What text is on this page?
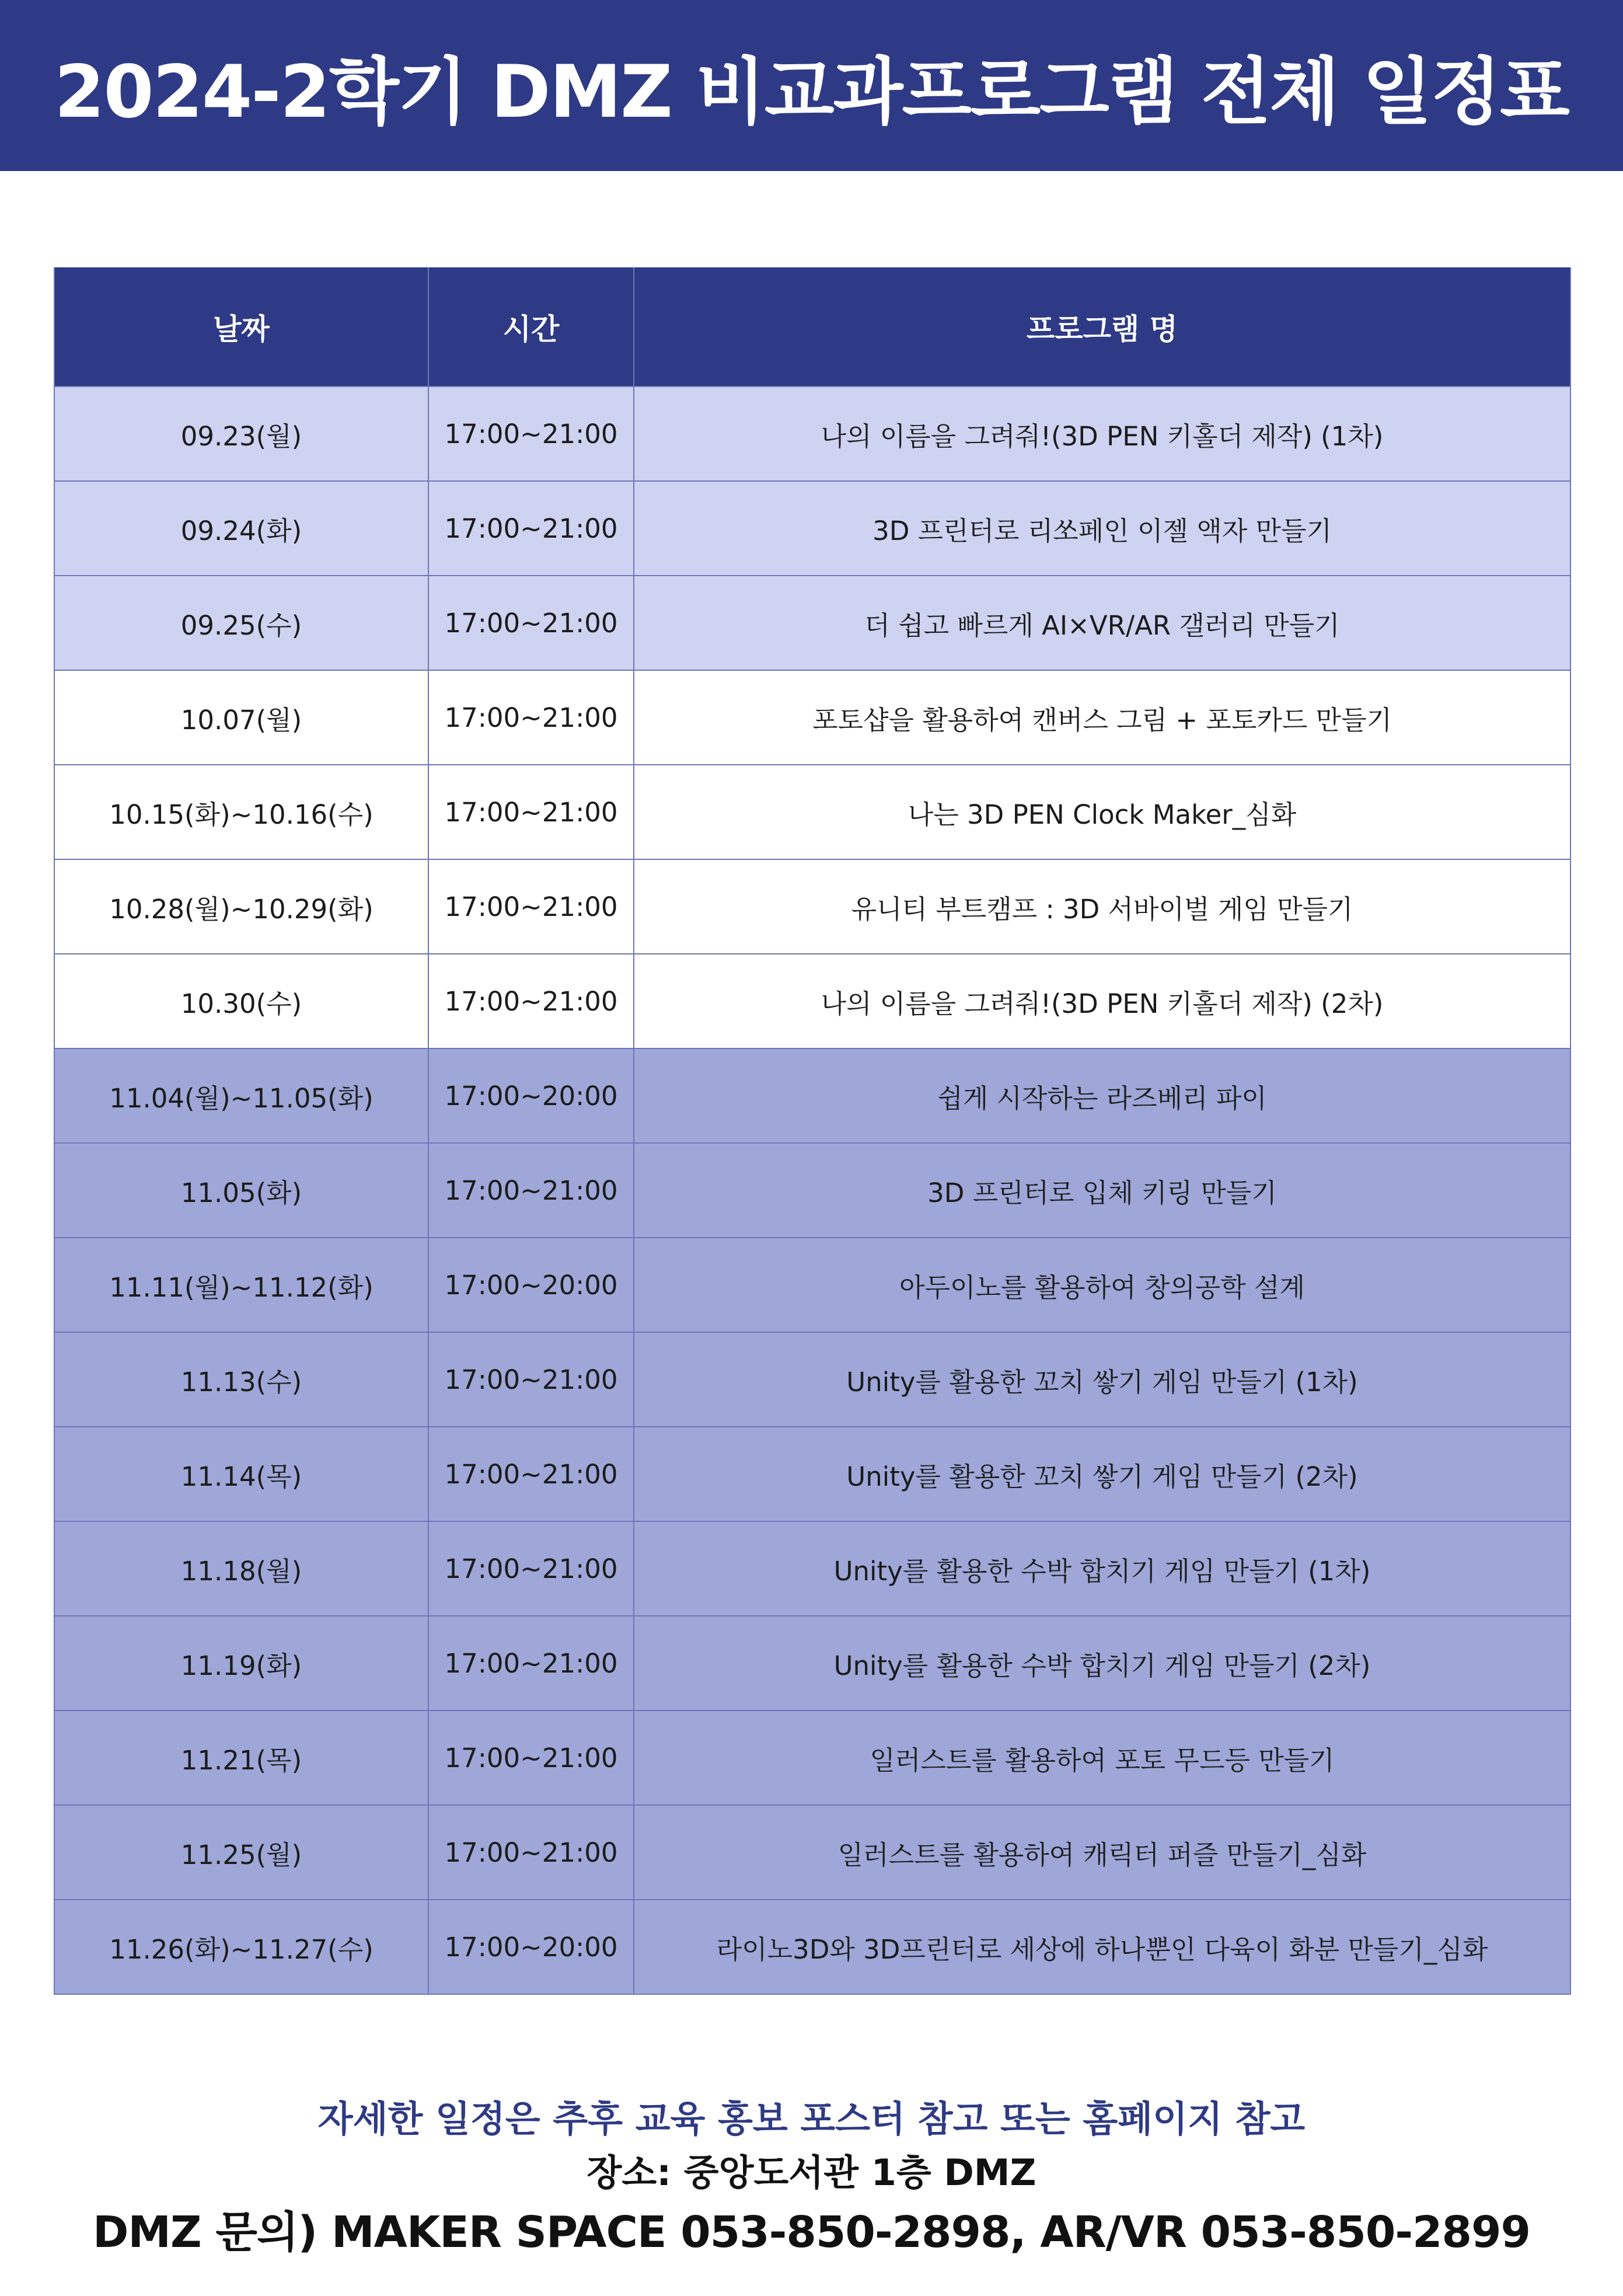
2024-2학기 DMZ 비교과프로그램 전체 일정표
날짜	시간	프로그램 명
09.23(월)	17:00~21:00	나의 이름을 그려줘!(3D PEN 키홀더 제작) (1차)
09.24(화)	17:00~21:00	3D 프린터로 리쏘페인 이젤 액자 만들기
09.25(수)	17:00~21:00	더 쉽고 빠르게 AI×VR/AR 갤러리 만들기
10.07(월)	17:00~21:00	포토샵을 활용하여 캔버스 그림 + 포토카드 만들기
10.15(화)~10.16(수)	17:00~21:00	나는 3D PEN Clock Maker_심화
10.28(월)~10.29(화)	17:00~21:00	유니티 부트캠프 : 3D 서바이벌 게임 만들기
10.30(수)	17:00~21:00	나의 이름을 그려줘!(3D PEN 키홀더 제작) (2차)
11.04(월)~11.05(화)	17:00~20:00	쉽게 시작하는 라즈베리 파이
11.05(화)	17:00~21:00	3D 프린터로 입체 키링 만들기
11.11(월)~11.12(화)	17:00~20:00	아두이노를 활용하여 창의공학 설계
11.13(수)	17:00~21:00	Unity를 활용한 꼬치 쌓기 게임 만들기 (1차)
11.14(목)	17:00~21:00	Unity를 활용한 꼬치 쌓기 게임 만들기 (2차)
11.18(월)	17:00~21:00	Unity를 활용한 수박 합치기 게임 만들기 (1차)
11.19(화)	17:00~21:00	Unity를 활용한 수박 합치기 게임 만들기 (2차)
11.21(목)	17:00~21:00	일러스트를 활용하여 포토 무드등 만들기
11.25(월)	17:00~21:00	일러스트를 활용하여 캐릭터 퍼즐 만들기_심화
11.26(화)~11.27(수)	17:00~20:00	라이노3D와 3D프린터로 세상에 하나뿐인 다육이 화분 만들기_심화
자세한 일정은 추후 교육 홍보 포스터 참고 또는 홈페이지 참고
장소: 중앙도서관 1층 DMZ
DMZ 문의) MAKER SPACE 053-850-2898, AR/VR 053-850-2899
